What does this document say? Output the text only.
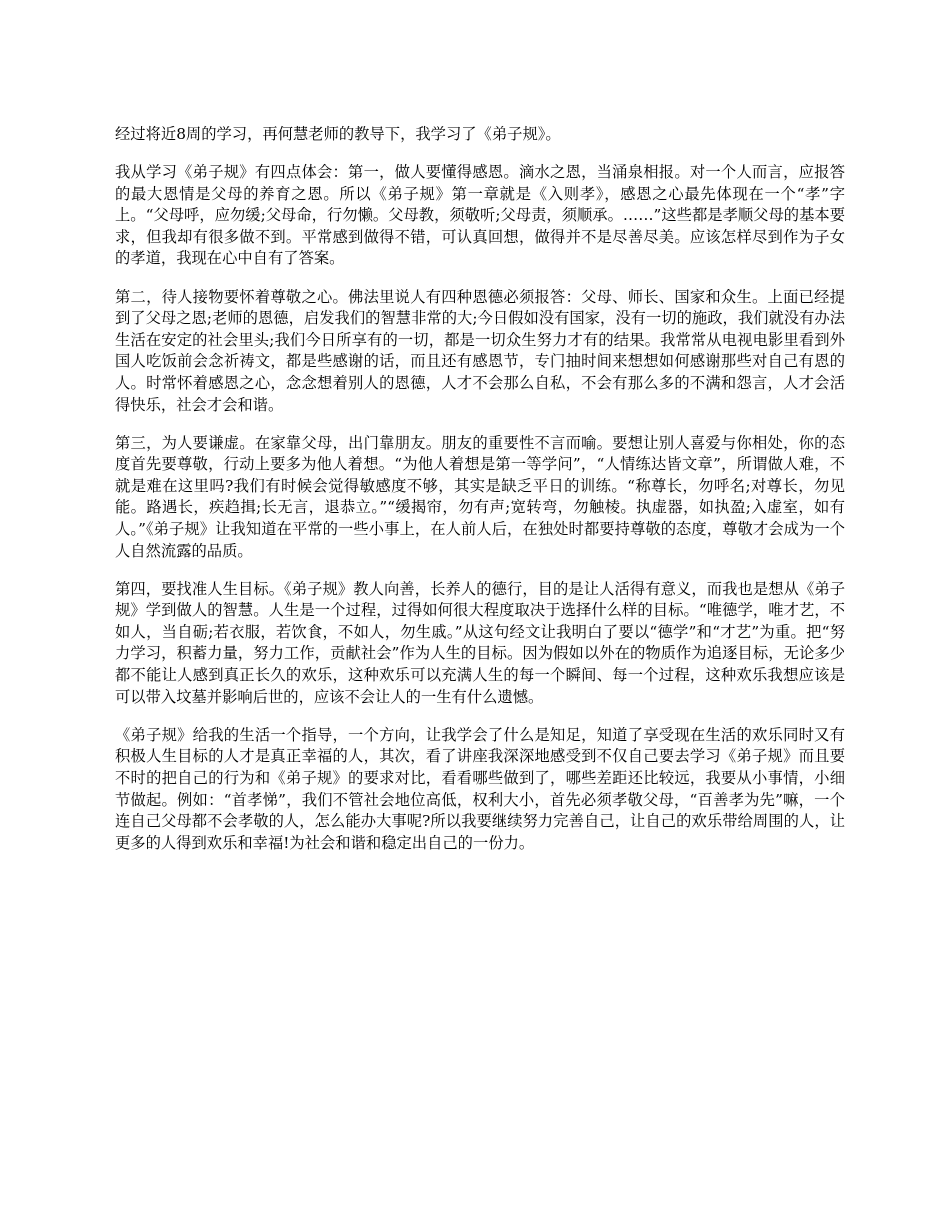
经过将近8周的学习，再何慧老师的教导下，我学习了《弟子规》。

我从学习《弟子规》有四点体会：第一，做人要懂得感恩。滴水之恩，当涌泉相报。对一个人而言，应报答的最大恩情是父母的养育之恩。所以《弟子规》第一章就是《入则孝》，感恩之心最先体现在一个“孝”字上。“父母呼，应勿缓;父母命，行勿懒。父母教，须敬听;父母责，须顺承。……”这些都是孝顺父母的基本要求，但我却有很多做不到。平常感到做得不错，可认真回想，做得并不是尽善尽美。应该怎样尽到作为子女的孝道，我现在心中自有了答案。

第二，待人接物要怀着尊敬之心。佛法里说人有四种恩德必须报答：父母、师长、国家和众生。上面已经提到了父母之恩;老师的恩德，启发我们的智慧非常的大;今日假如没有国家，没有一切的施政，我们就没有办法生活在安定的社会里头;我们今日所享有的一切，都是一切众生努力才有的结果。我常常从电视电影里看到外国人吃饭前会念祈祷文，都是些感谢的话，而且还有感恩节，专门抽时间来想想如何感谢那些对自己有恩的人。时常怀着感恩之心，念念想着别人的恩德，人才不会那么自私，不会有那么多的不满和怨言，人才会活得快乐，社会才会和谐。

第三，为人要谦虚。在家靠父母，出门靠朋友。朋友的重要性不言而喻。要想让别人喜爱与你相处，你的态度首先要尊敬，行动上要多为他人着想。“为他人着想是第一等学问”，“人情练达皆文章”，所谓做人难，不就是难在这里吗?我们有时候会觉得敏感度不够，其实是缺乏平日的训练。“称尊长，勿呼名;对尊长，勿见能。路遇长，疾趋揖;长无言，退恭立。”“缓揭帘，勿有声;宽转弯，勿触棱。执虚器，如执盈;入虚室，如有人。”《弟子规》让我知道在平常的一些小事上，在人前人后，在独处时都要持尊敬的态度，尊敬才会成为一个人自然流露的品质。

第四，要找准人生目标。《弟子规》教人向善，长养人的德行，目的是让人活得有意义，而我也是想从《弟子规》学到做人的智慧。人生是一个过程，过得如何很大程度取决于选择什么样的目标。“唯德学，唯才艺，不如人，当自砺;若衣服，若饮食，不如人，勿生戚。”从这句经文让我明白了要以“德学”和“才艺”为重。把“努力学习，积蓄力量，努力工作，贡献社会”作为人生的目标。因为假如以外在的物质作为追逐目标，无论多少都不能让人感到真正长久的欢乐，这种欢乐可以充满人生的每一个瞬间、每一个过程，这种欢乐我想应该是可以带入坟墓并影响后世的，应该不会让人的一生有什么遗憾。

《弟子规》给我的生活一个指导，一个方向，让我学会了什么是知足，知道了享受现在生活的欢乐同时又有积极人生目标的人才是真正幸福的人，其次，看了讲座我深深地感受到不仅自己要去学习《弟子规》而且要不时的把自己的行为和《弟子规》的要求对比，看看哪些做到了，哪些差距还比较远，我要从小事情，小细节做起。例如：“首孝悌”，我们不管社会地位高低，权利大小，首先必须孝敬父母，“百善孝为先”嘛，一个连自己父母都不会孝敬的人，怎么能办大事呢?所以我要继续努力完善自己，让自己的欢乐带给周围的人，让更多的人得到欢乐和幸福!为社会和谐和稳定出自己的一份力。
